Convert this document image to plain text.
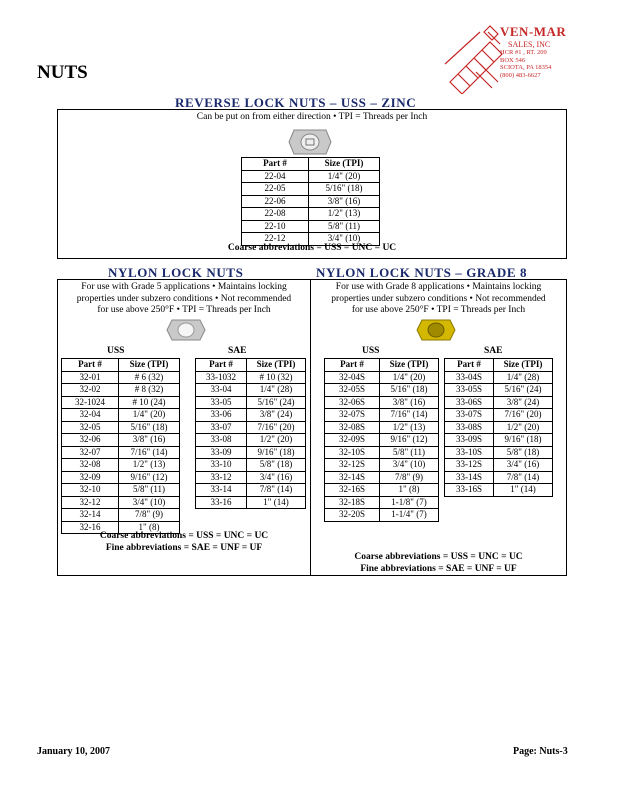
NUTS
VEN-MAR
SALES, INC
HCR #1 , RT. 209
BOX 546
SCIOTA, PA 18354
(800) 483-6627
REVERSE LOCK NUTS – USS – ZINC
Can be put on from either direction • TPI = Threads per Inch
Part #	Size (TPI)
22-04	1/4" (20)
22-05	5/16" (18)
22-06	3/8" (16)
22-08	1/2" (13)
22-10	5/8" (11)
22-12	3/4" (10)
Coarse abbreviations = USS = UNC = UC
NYLON LOCK NUTS	NYLON LOCK NUTS – GRADE 8
For use with Grade 5 applications • Maintains locking
properties under subzero conditions • Not recommended
for use above 250°F • TPI = Threads per Inch
USS	SAE
Part #	Size (TPI)
32-01	# 6 (32)
32-02	# 8 (32)
32-1024	# 10 (24)
32-04	1/4" (20)
32-05	5/16" (18)
32-06	3/8" (16)
32-07	7/16" (14)
32-08	1/2" (13)
32-09	9/16" (12)
32-10	5/8" (11)
32-12	3/4" (10)
32-14	7/8" (9)
32-16	1" (8)
Part #	Size (TPI)
33-1032	# 10 (32)
33-04	1/4" (28)
33-05	5/16" (24)
33-06	3/8" (24)
33-07	7/16" (20)
33-08	1/2" (20)
33-09	9/16" (18)
33-10	5/8" (18)
33-12	3/4" (16)
33-14	7/8" (14)
33-16	1" (14)
Coarse abbreviations = USS = UNC = UC
Fine abbreviations = SAE = UNF = UF
For use with Grade 8 applications • Maintains locking
properties under subzero conditions • Not recommended
for use above 250°F • TPI = Threads per Inch
USS	SAE
Part #	Size (TPI)
32-04S	1/4" (20)
32-05S	5/16" (18)
32-06S	3/8" (16)
32-07S	7/16" (14)
32-08S	1/2" (13)
32-09S	9/16" (12)
32-10S	5/8" (11)
32-12S	3/4" (10)
32-14S	7/8" (9)
32-16S	1" (8)
32-18S	1-1/8" (7)
32-20S	1-1/4" (7)
Part #	Size (TPI)
33-04S	1/4" (28)
33-05S	5/16" (24)
33-06S	3/8" (24)
33-07S	7/16" (20)
33-08S	1/2" (20)
33-09S	9/16" (18)
33-10S	5/8" (18)
33-12S	3/4" (16)
33-14S	7/8" (14)
33-16S	1" (14)
Coarse abbreviations = USS = UNC = UC
Fine abbreviations = SAE = UNF = UF
January 10, 2007	Page: Nuts-3
